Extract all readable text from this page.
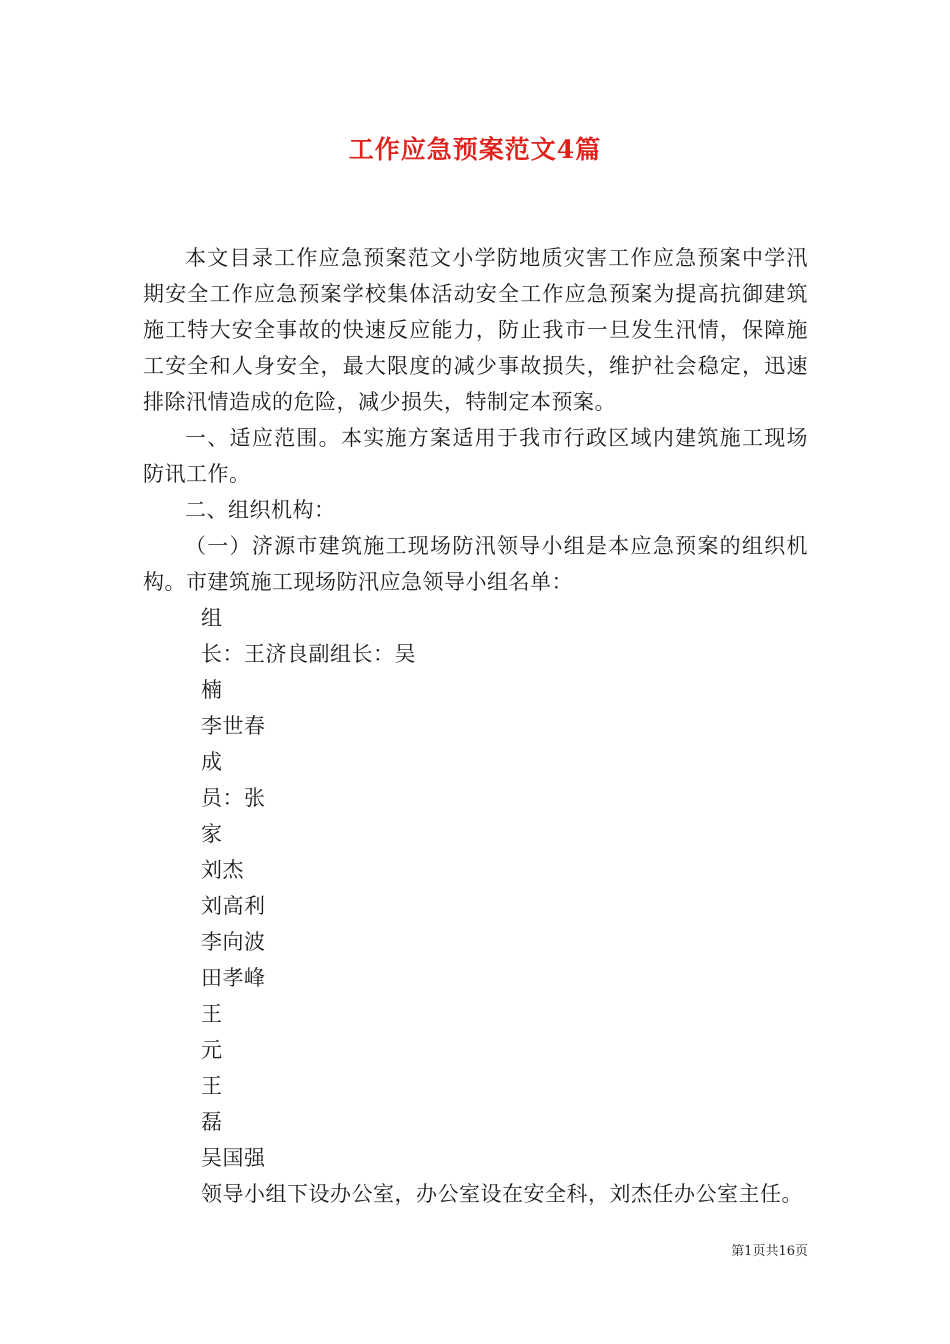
工作应急预案范文4篇

本文目录工作应急预案范文小学防地质灾害工作应急预案中学汛期安全工作应急预案学校集体活动安全工作应急预案为提高抗御建筑施工特大安全事故的快速反应能力，防止我市一旦发生汛情，保障施工安全和人身安全，最大限度的减少事故损失，维护社会稳定，迅速排除汛情造成的危险，减少损失，特制定本预案。

一、适应范围。本实施方案适用于我市行政区域内建筑施工现场防讯工作。

二、组织机构：

（一）济源市建筑施工现场防汛领导小组是本应急预案的组织机构。市建筑施工现场防汛应急领导小组名单：

组

长：王济良副组长：吴

楠

李世春

成

员：张

家

刘杰

刘高利

李向波

田孝峰

王

元

王

磊

吴国强

领导小组下设办公室，办公室设在安全科，刘杰任办公室主任。

第1页共16页
